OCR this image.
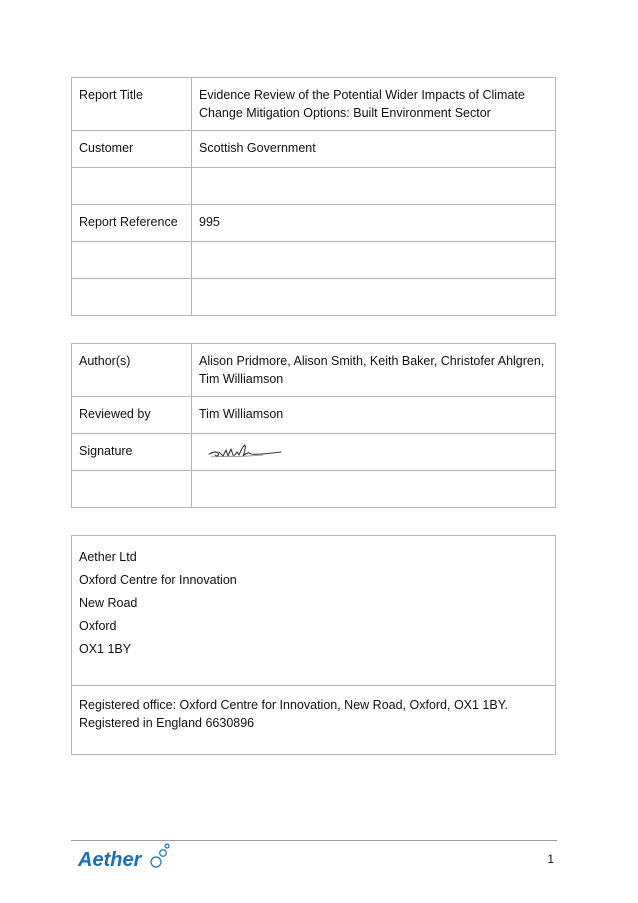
Report Title	Evidence Review of the Potential Wider Impacts of Climate Change Mitigation Options: Built Environment Sector
Customer	Scottish Government

Report Reference	995

Author(s)	Alison Pridmore, Alison Smith, Keith Baker, Christofer Ahlgren, Tim Williamson
Reviewed by	Tim Williamson
Signature	

Aether Ltd
Oxford Centre for Innovation
New Road
Oxford
OX1 1BY

Registered office: Oxford Centre for Innovation, New Road, Oxford, OX1 1BY.
Registered in England 6630896
Aether	1
